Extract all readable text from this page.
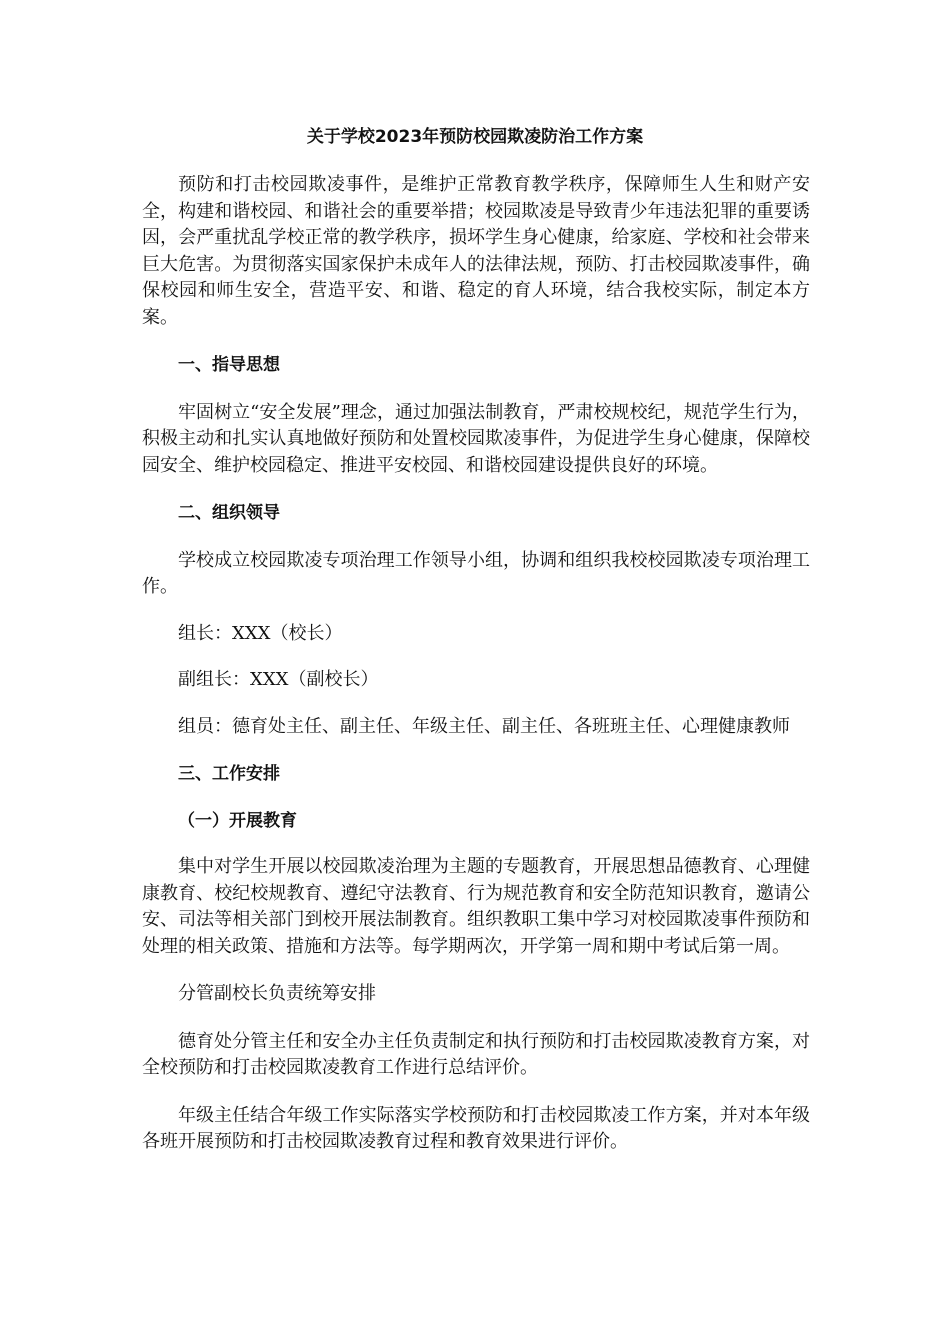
关于学校2023年预防校园欺凌防治工作方案

预防和打击校园欺凌事件，是维护正常教育教学秩序，保障师生人生和财产安全，构建和谐校园、和谐社会的重要举措；校园欺凌是导致青少年违法犯罪的重要诱因，会严重扰乱学校正常的教学秩序，损坏学生身心健康，给家庭、学校和社会带来巨大危害。为贯彻落实国家保护未成年人的法律法规，预防、打击校园欺凌事件，确保校园和师生安全，营造平安、和谐、稳定的育人环境，结合我校实际，制定本方案。

一、指导思想

牢固树立“安全发展”理念，通过加强法制教育，严肃校规校纪，规范学生行为，积极主动和扎实认真地做好预防和处置校园欺凌事件，为促进学生身心健康，保障校园安全、维护校园稳定、推进平安校园、和谐校园建设提供良好的环境。

二、组织领导

学校成立校园欺凌专项治理工作领导小组，协调和组织我校校园欺凌专项治理工作。

组长：XXX（校长）

副组长：XXX（副校长）

组员：德育处主任、副主任、年级主任、副主任、各班班主任、心理健康教师

三、工作安排

（一）开展教育

集中对学生开展以校园欺凌治理为主题的专题教育，开展思想品德教育、心理健康教育、校纪校规教育、遵纪守法教育、行为规范教育和安全防范知识教育，邀请公安、司法等相关部门到校开展法制教育。组织教职工集中学习对校园欺凌事件预防和处理的相关政策、措施和方法等。每学期两次，开学第一周和期中考试后第一周。

分管副校长负责统筹安排

德育处分管主任和安全办主任负责制定和执行预防和打击校园欺凌教育方案，对全校预防和打击校园欺凌教育工作进行总结评价。

年级主任结合年级工作实际落实学校预防和打击校园欺凌工作方案，并对本年级各班开展预防和打击校园欺凌教育过程和教育效果进行评价。
